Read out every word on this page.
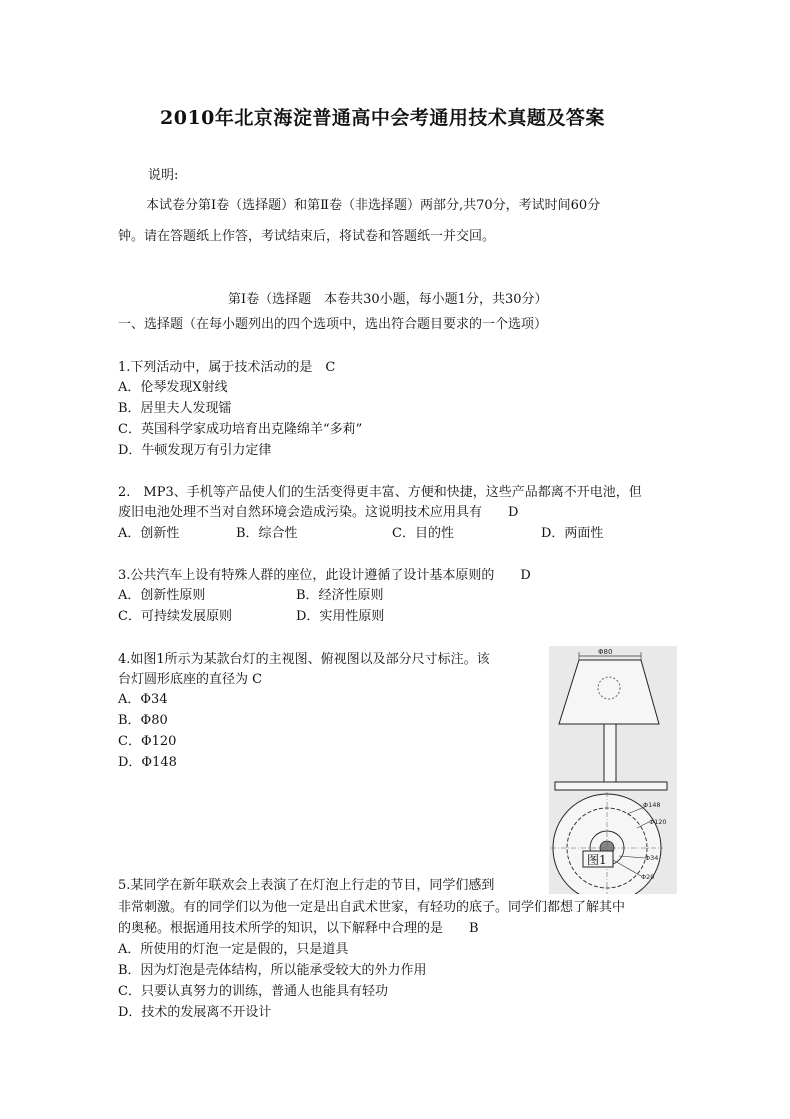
2010年北京海淀普通高中会考通用技术真题及答案
说明:
本试卷分第Ⅰ卷（选择题）和第Ⅱ卷（非选择题）两部分,共70分，考试时间60分
钟。请在答题纸上作答，考试结束后，将试卷和答题纸一并交回。
第Ⅰ卷（选择题　本卷共30小题，每小题1分，共30分）
一、选择题（在每小题列出的四个选项中，选出符合题目要求的一个选项）
1.下列活动中，属于技术活动的是　C
A．伦琴发现X射线
B．居里夫人发现镭
C．英国科学家成功培育出克隆绵羊“多莉”
D．牛顿发现万有引力定律
2.　MP3、手机等产品使人们的生活变得更丰富、方便和快捷，这些产品都离不开电池，但
废旧电池处理不当对自然环境会造成污染。这说明技术应用具有　　D
A．创新性	B．综合性	C．目的性	D．两面性
3.公共汽车上设有特殊人群的座位，此设计遵循了设计基本原则的　　D
A．创新性原则	B．经济性原则
C．可持续发展原则	D．实用性原则
4.如图1所示为某款台灯的主视图、俯视图以及部分尺寸标注。该
台灯圆形底座的直径为 C
A．Φ34
B．Φ80
C．Φ120
D．Φ148
Φ80
Φ148
Φ120
Φ34
Φ20
图1
5.某同学在新年联欢会上表演了在灯泡上行走的节目，同学们感到
非常刺激。有的同学们以为他一定是出自武术世家，有轻功的底子。同学们都想了解其中
的奥秘。根据通用技术所学的知识，以下解释中合理的是　　B
A．所使用的灯泡一定是假的，只是道具
B．因为灯泡是壳体结构，所以能承受较大的外力作用
C．只要认真努力的训练，普通人也能具有轻功
D．技术的发展离不开设计
